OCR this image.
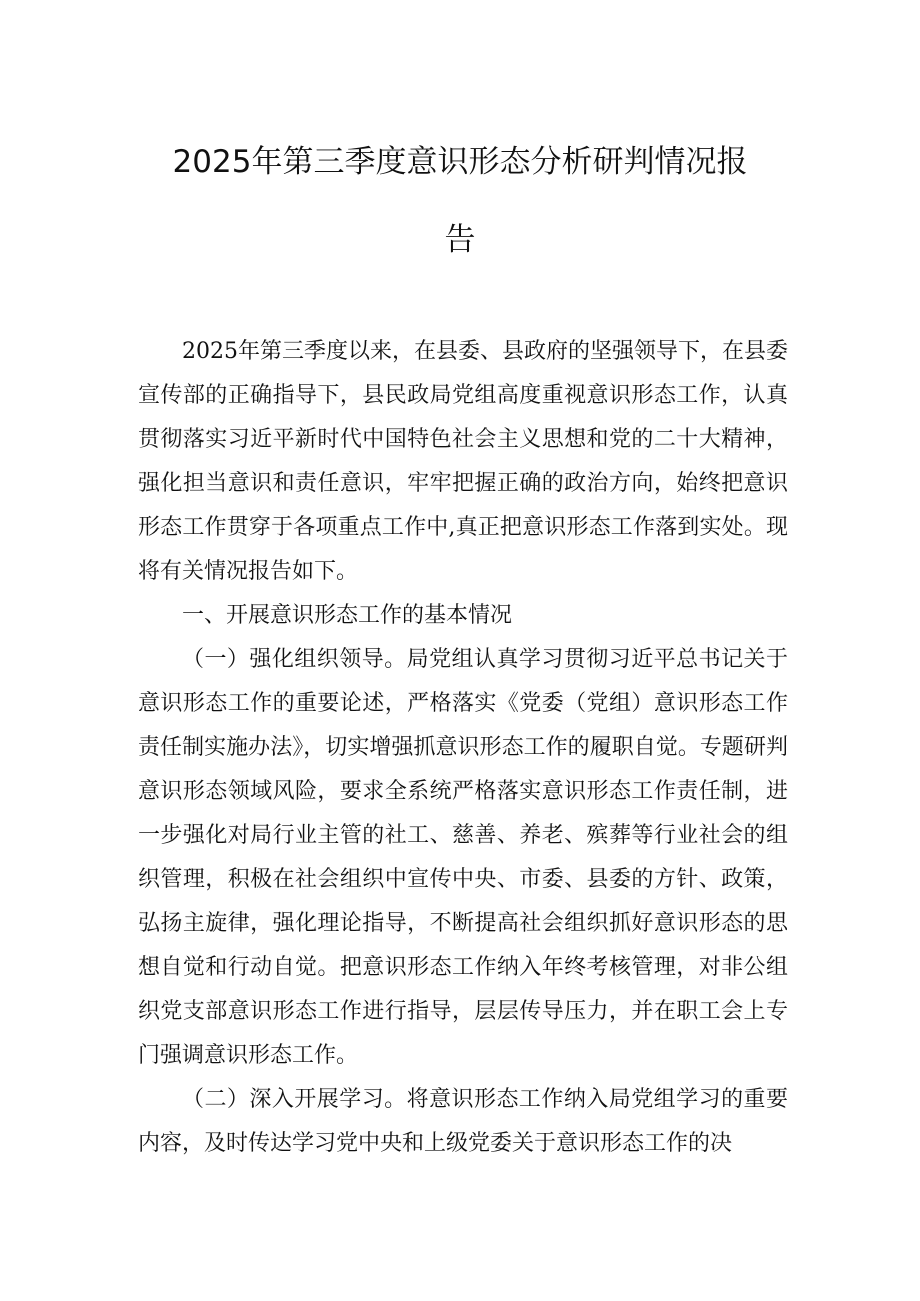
2025年第三季度意识形态分析研判情况报
告

2025年第三季度以来，在县委、县政府的坚强领导下，在县委宣传部的正确指导下，县民政局党组高度重视意识形态工作，认真贯彻落实习近平新时代中国特色社会主义思想和党的二十大精神，强化担当意识和责任意识，牢牢把握正确的政治方向，始终把意识形态工作贯穿于各项重点工作中,真正把意识形态工作落到实处。现将有关情况报告如下。

一、开展意识形态工作的基本情况

（一）强化组织领导。局党组认真学习贯彻习近平总书记关于意识形态工作的重要论述，严格落实《党委（党组）意识形态工作责任制实施办法》，切实增强抓意识形态工作的履职自觉。专题研判意识形态领域风险，要求全系统严格落实意识形态工作责任制，进一步强化对局行业主管的社工、慈善、养老、殡葬等行业社会的组织管理，积极在社会组织中宣传中央、市委、县委的方针、政策，弘扬主旋律，强化理论指导，不断提高社会组织抓好意识形态的思想自觉和行动自觉。把意识形态工作纳入年终考核管理，对非公组织党支部意识形态工作进行指导，层层传导压力，并在职工会上专门强调意识形态工作。

（二）深入开展学习。将意识形态工作纳入局党组学习的重要内容，及时传达学习党中央和上级党委关于意识形态工作的决
